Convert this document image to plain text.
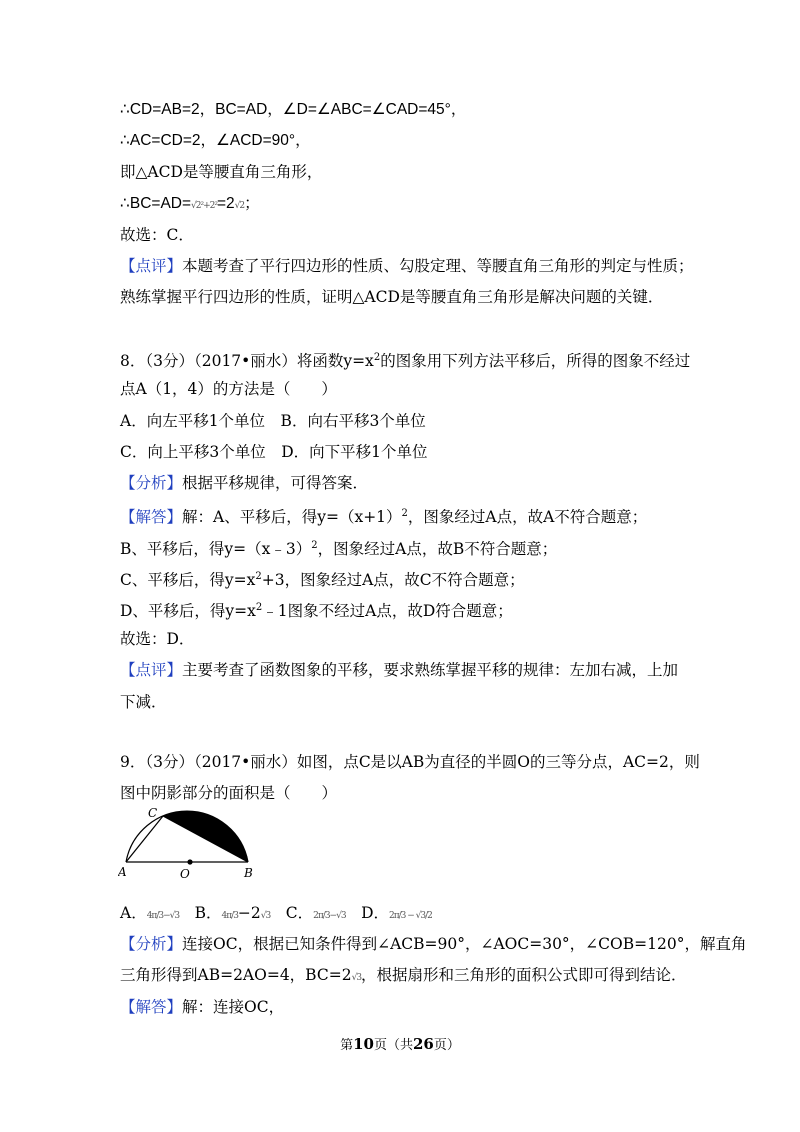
∴CD=AB=2，BC=AD，∠D=∠ABC=∠CAD=45°，
∴AC=CD=2，∠ACD=90°，
即△ACD是等腰直角三角形，
∴BC=AD=√2²+2²=2√2；
故选：C．
【点评】本题考查了平行四边形的性质、勾股定理、等腰直角三角形的判定与性质；
熟练掌握平行四边形的性质，证明△ACD是等腰直角三角形是解决问题的关键．
8．（3分）（2017•丽水）将函数$y=x^2$的图象用下列方法平移后，所得的图象不经过
点A（1，4）的方法是（　　）
A．向左平移1个单位　B．向右平移3个单位
C．向上平移3个单位　D．向下平移1个单位
【分析】根据平移规律，可得答案．
【解答】解：A、平移后，得$y=(x+1)^2$，图象经过A点，故A不符合题意；
B、平移后，得y=（x﹣3）$^2$，图象经过A点，故B不符合题意；
C、平移后，得$y=x^2+3$，图象经过A点，故C不符合题意；
D、平移后，得$y=x^2﹣1$图象不经过A点，故D符合题意；
故选：D．
【点评】主要考查了函数图象的平移，要求熟练掌握平移的规律：左加右减，上加
下减．
9．（3分）（2017•丽水）如图，点C是以AB为直径的半圆O的三等分点，AC=2，则
图中阴影部分的面积是（　　）
C
A	O	B
A．4π/3−√3　 B．4π/3−2√3　 C．2π/3−√3　 D．2π/3 − √3/2
【分析】连接OC，根据已知条件得到∠ACB=90°，∠AOC=30°，∠COB=120°，解直角
三角形得到AB=2AO=4，BC=2√3，根据扇形和三角形的面积公式即可得到结论．
【解答】解：连接OC，
第10页（共26页）
